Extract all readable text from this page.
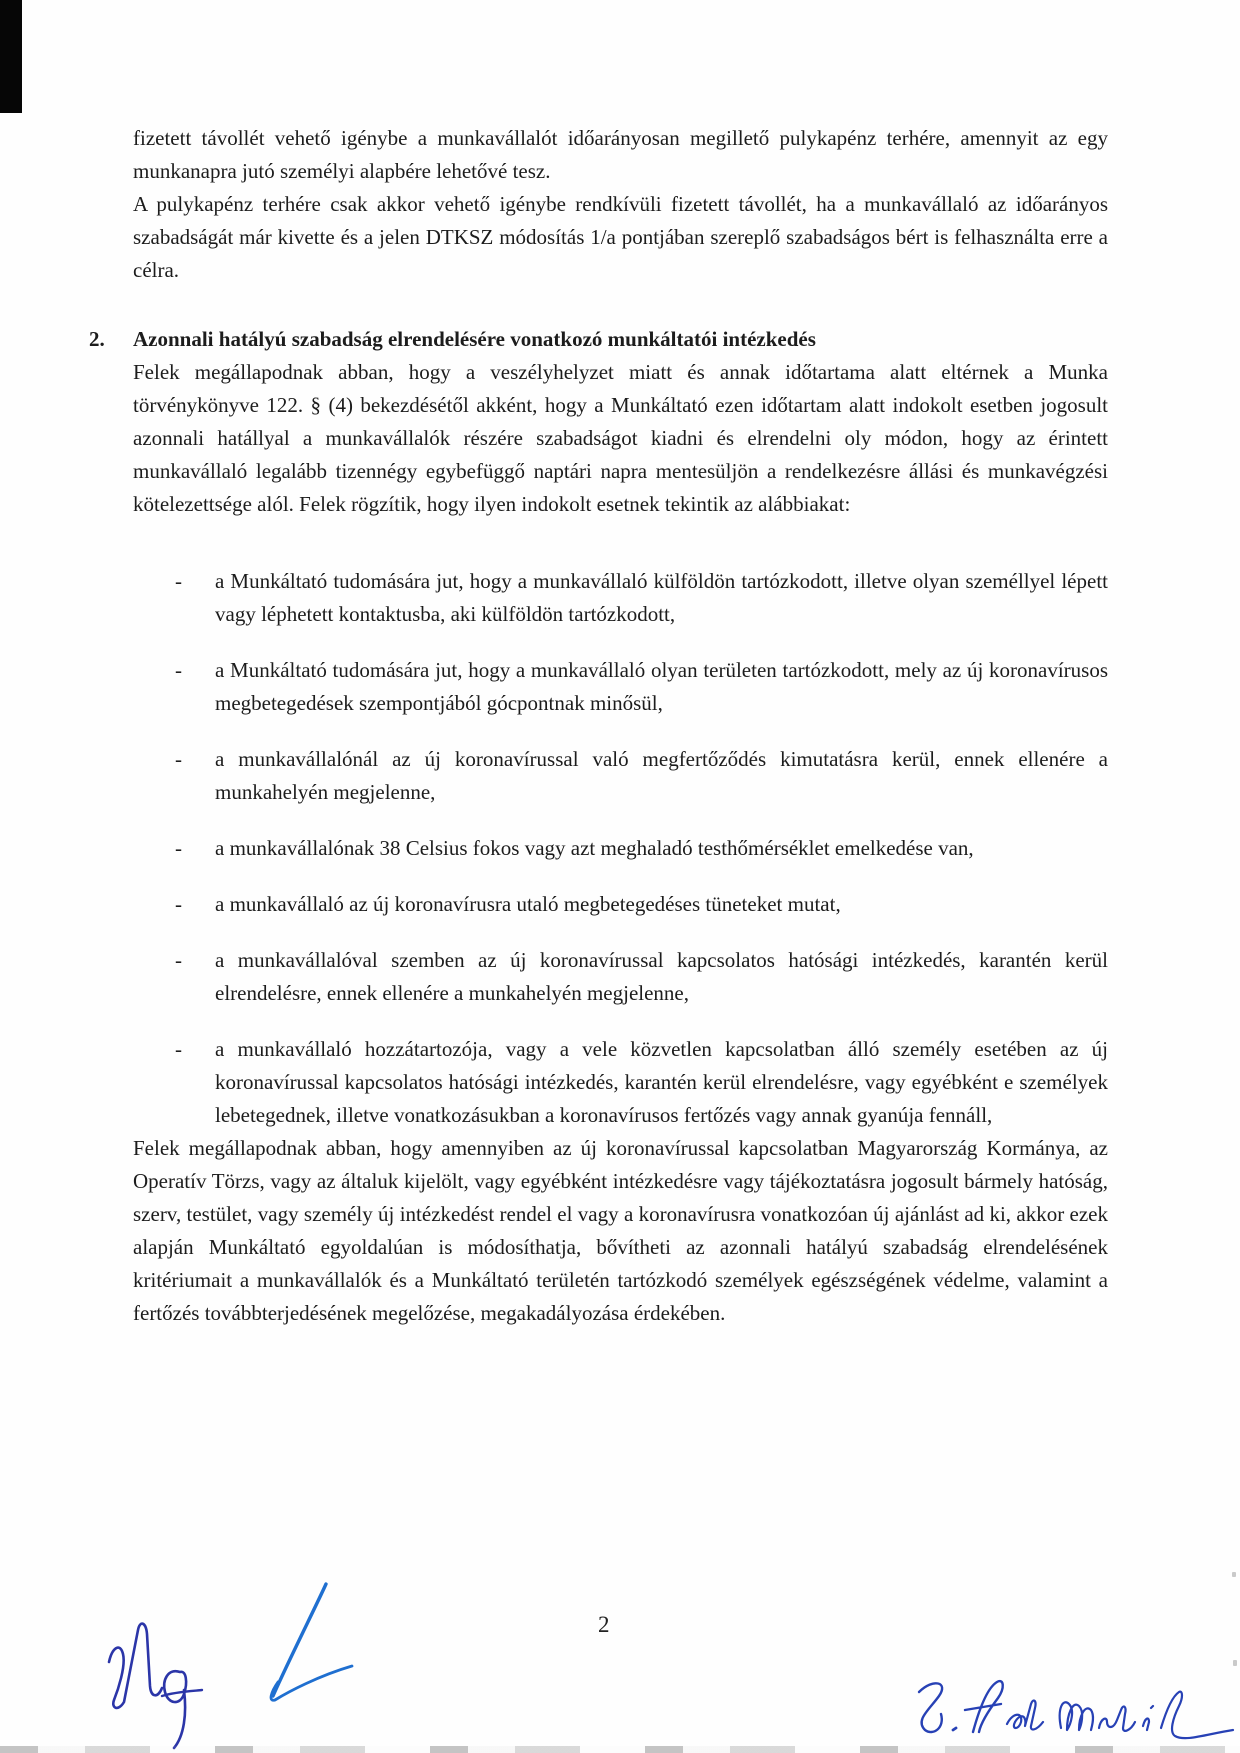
fizetett távollét vehető igénybe a munkavállalót időarányosan megillető pulykapénz terhére, amennyit az egy munkanapra jutó személyi alapbére lehetővé tesz.

A pulykapénz terhére csak akkor vehető igénybe rendkívüli fizetett távollét, ha a munkavállaló az időarányos szabadságát már kivette és a jelen DTKSZ módosítás 1/a pontjában szereplő szabadságos bért is felhasználta erre a célra.

2. Azonnali hatályú szabadság elrendelésére vonatkozó munkáltatói intézkedés

Felek megállapodnak abban, hogy a veszélyhelyzet miatt és annak időtartama alatt eltérnek a Munka törvénykönyve 122. § (4) bekezdésétől akként, hogy a Munkáltató ezen időtartam alatt indokolt esetben jogosult azonnali hatállyal a munkavállalók részére szabadságot kiadni és elrendelni oly módon, hogy az érintett munkavállaló legalább tizennégy egybefüggő naptári napra mentesüljön a rendelkezésre állási és munkavégzési kötelezettsége alól. Felek rögzítik, hogy ilyen indokolt esetnek tekintik az alábbiakat:

- a Munkáltató tudomására jut, hogy a munkavállaló külföldön tartózkodott, illetve olyan személlyel lépett vagy léphetett kontaktusba, aki külföldön tartózkodott,
- a Munkáltató tudomására jut, hogy a munkavállaló olyan területen tartózkodott, mely az új koronavírusos megbetegedések szempontjából gócpontnak minősül,
- a munkavállalónál az új koronavírussal való megfertőződés kimutatásra kerül, ennek ellenére a munkahelyén megjelenne,
- a munkavállalónak 38 Celsius fokos vagy azt meghaladó testhőmérséklet emelkedése van,
- a munkavállaló az új koronavírusra utaló megbetegedéses tüneteket mutat,
- a munkavállalóval szemben az új koronavírussal kapcsolatos hatósági intézkedés, karantén kerül elrendelésre, ennek ellenére a munkahelyén megjelenne,
- a munkavállaló hozzátartozója, vagy a vele közvetlen kapcsolatban álló személy esetében az új koronavírussal kapcsolatos hatósági intézkedés, karantén kerül elrendelésre, vagy egyébként e személyek lebetegednek, illetve vonatkozásukban a koronavírusos fertőzés vagy annak gyanúja fennáll,

Felek megállapodnak abban, hogy amennyiben az új koronavírussal kapcsolatban Magyarország Kormánya, az Operatív Törzs, vagy az általuk kijelölt, vagy egyébként intézkedésre vagy tájékoztatásra jogosult bármely hatóság, szerv, testület, vagy személy új intézkedést rendel el vagy a koronavírusra vonatkozóan új ajánlást ad ki, akkor ezek alapján Munkáltató egyoldalúan is módosíthatja, bővítheti az azonnali hatályú szabadság elrendelésének kritériumait a munkavállalók és a Munkáltató területén tartózkodó személyek egészségének védelme, valamint a fertőzés továbbterjedésének megelőzése, megakadályozása érdekében.

2
